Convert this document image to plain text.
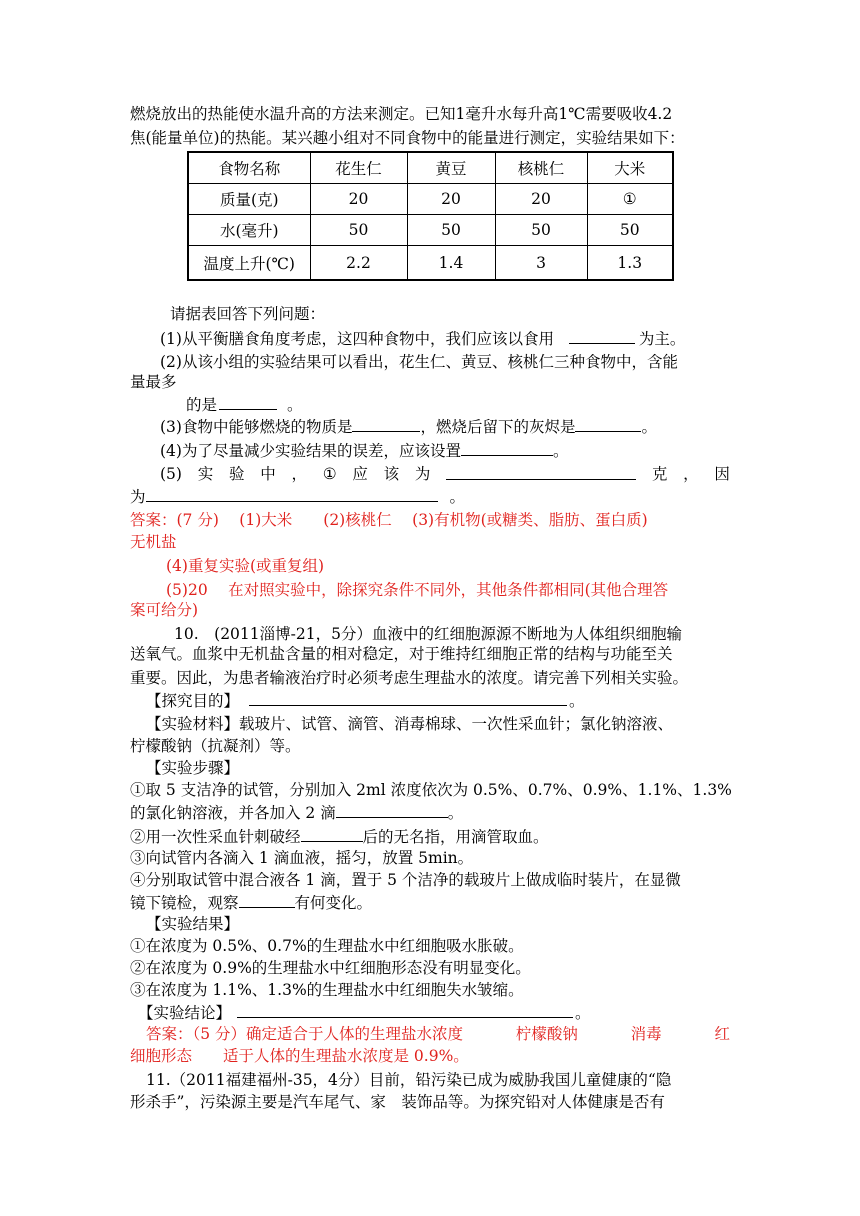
燃烧放出的热能使水温升高的方法来测定。已知1毫升水每升高1℃需要吸收4.2
焦(能量单位)的热能。某兴趣小组对不同食物中的能量进行测定，实验结果如下：
食物名称	花生仁	黄豆	核桃仁	大米
质量(克)	20	20	20	①
水(毫升)	50	50	50	50
温度上升(℃)	2.2	1.4	3	1.3
请据表回答下列问题：
(1)从平衡膳食角度考虑，这四种食物中，我们应该以食用	为主。
(2)从该小组的实验结果可以看出，花生仁、黄豆、核桃仁三种食物中，含能
量最多
的是	。
(3)食物中能够燃烧的物质是	，燃烧后留下的灰烬是	。
(4)为了尽量减少实验结果的误差，应该设置	。
(5) 实 验 中 ， ① 应 该 为	克 ， 因
为	。
答案：(7 分)　 (1)大米　　(2)核桃仁　 (3)有机物(或糖类、脂肪、蛋白质)
无机盐
(4)重复实验(或重复组)
(5)20　 在对照实验中，除探究条件不同外，其他条件都相同(其他合理答
案可给分)
10.　(2011淄博-21，5分）血液中的红细胞源源不断地为人体组织细胞输
送氧气。血浆中无机盐含量的相对稳定，对于维持红细胞正常的结构与功能至关
重要。因此，为患者输液治疗时必须考虑生理盐水的浓度。请完善下列相关实验。
【探究目的】	。
【实验材料】载玻片、试管、滴管、消毒棉球、一次性采血针；氯化钠溶液、
柠檬酸钠（抗凝剂）等。
【实验步骤】
①取 5 支洁净的试管，分别加入 2ml 浓度依次为 0.5%、0.7%、0.9%、1.1%、1.3%
的氯化钠溶液，并各加入 2 滴	。
②用一次性采血针刺破经	后的无名指，用滴管取血。
③向试管内各滴入 1 滴血液，摇匀，放置 5min。
④分别取试管中混合液各 1 滴，置于 5 个洁净的载玻片上做成临时装片，在显微
镜下镜检，观察	有何变化。
【实验结果】
①在浓度为 0.5%、0.7%的生理盐水中红细胞吸水胀破。
②在浓度为 0.9%的生理盐水中红细胞形态没有明显变化。
③在浓度为 1.1%、1.3%的生理盐水中红细胞失水皱缩。
【实验结论】	。
答案：（5 分）确定适合于人体的生理盐水浓度	柠檬酸钠	消毒	红
细胞形态　　适于人体的生理盐水浓度是 0.9%。
11.（2011福建福州-35，4分）目前，铅污染已成为威胁我国儿童健康的“隐
形杀手”，污染源主要是汽车尾气、家　装饰品等。为探究铅对人体健康是否有
